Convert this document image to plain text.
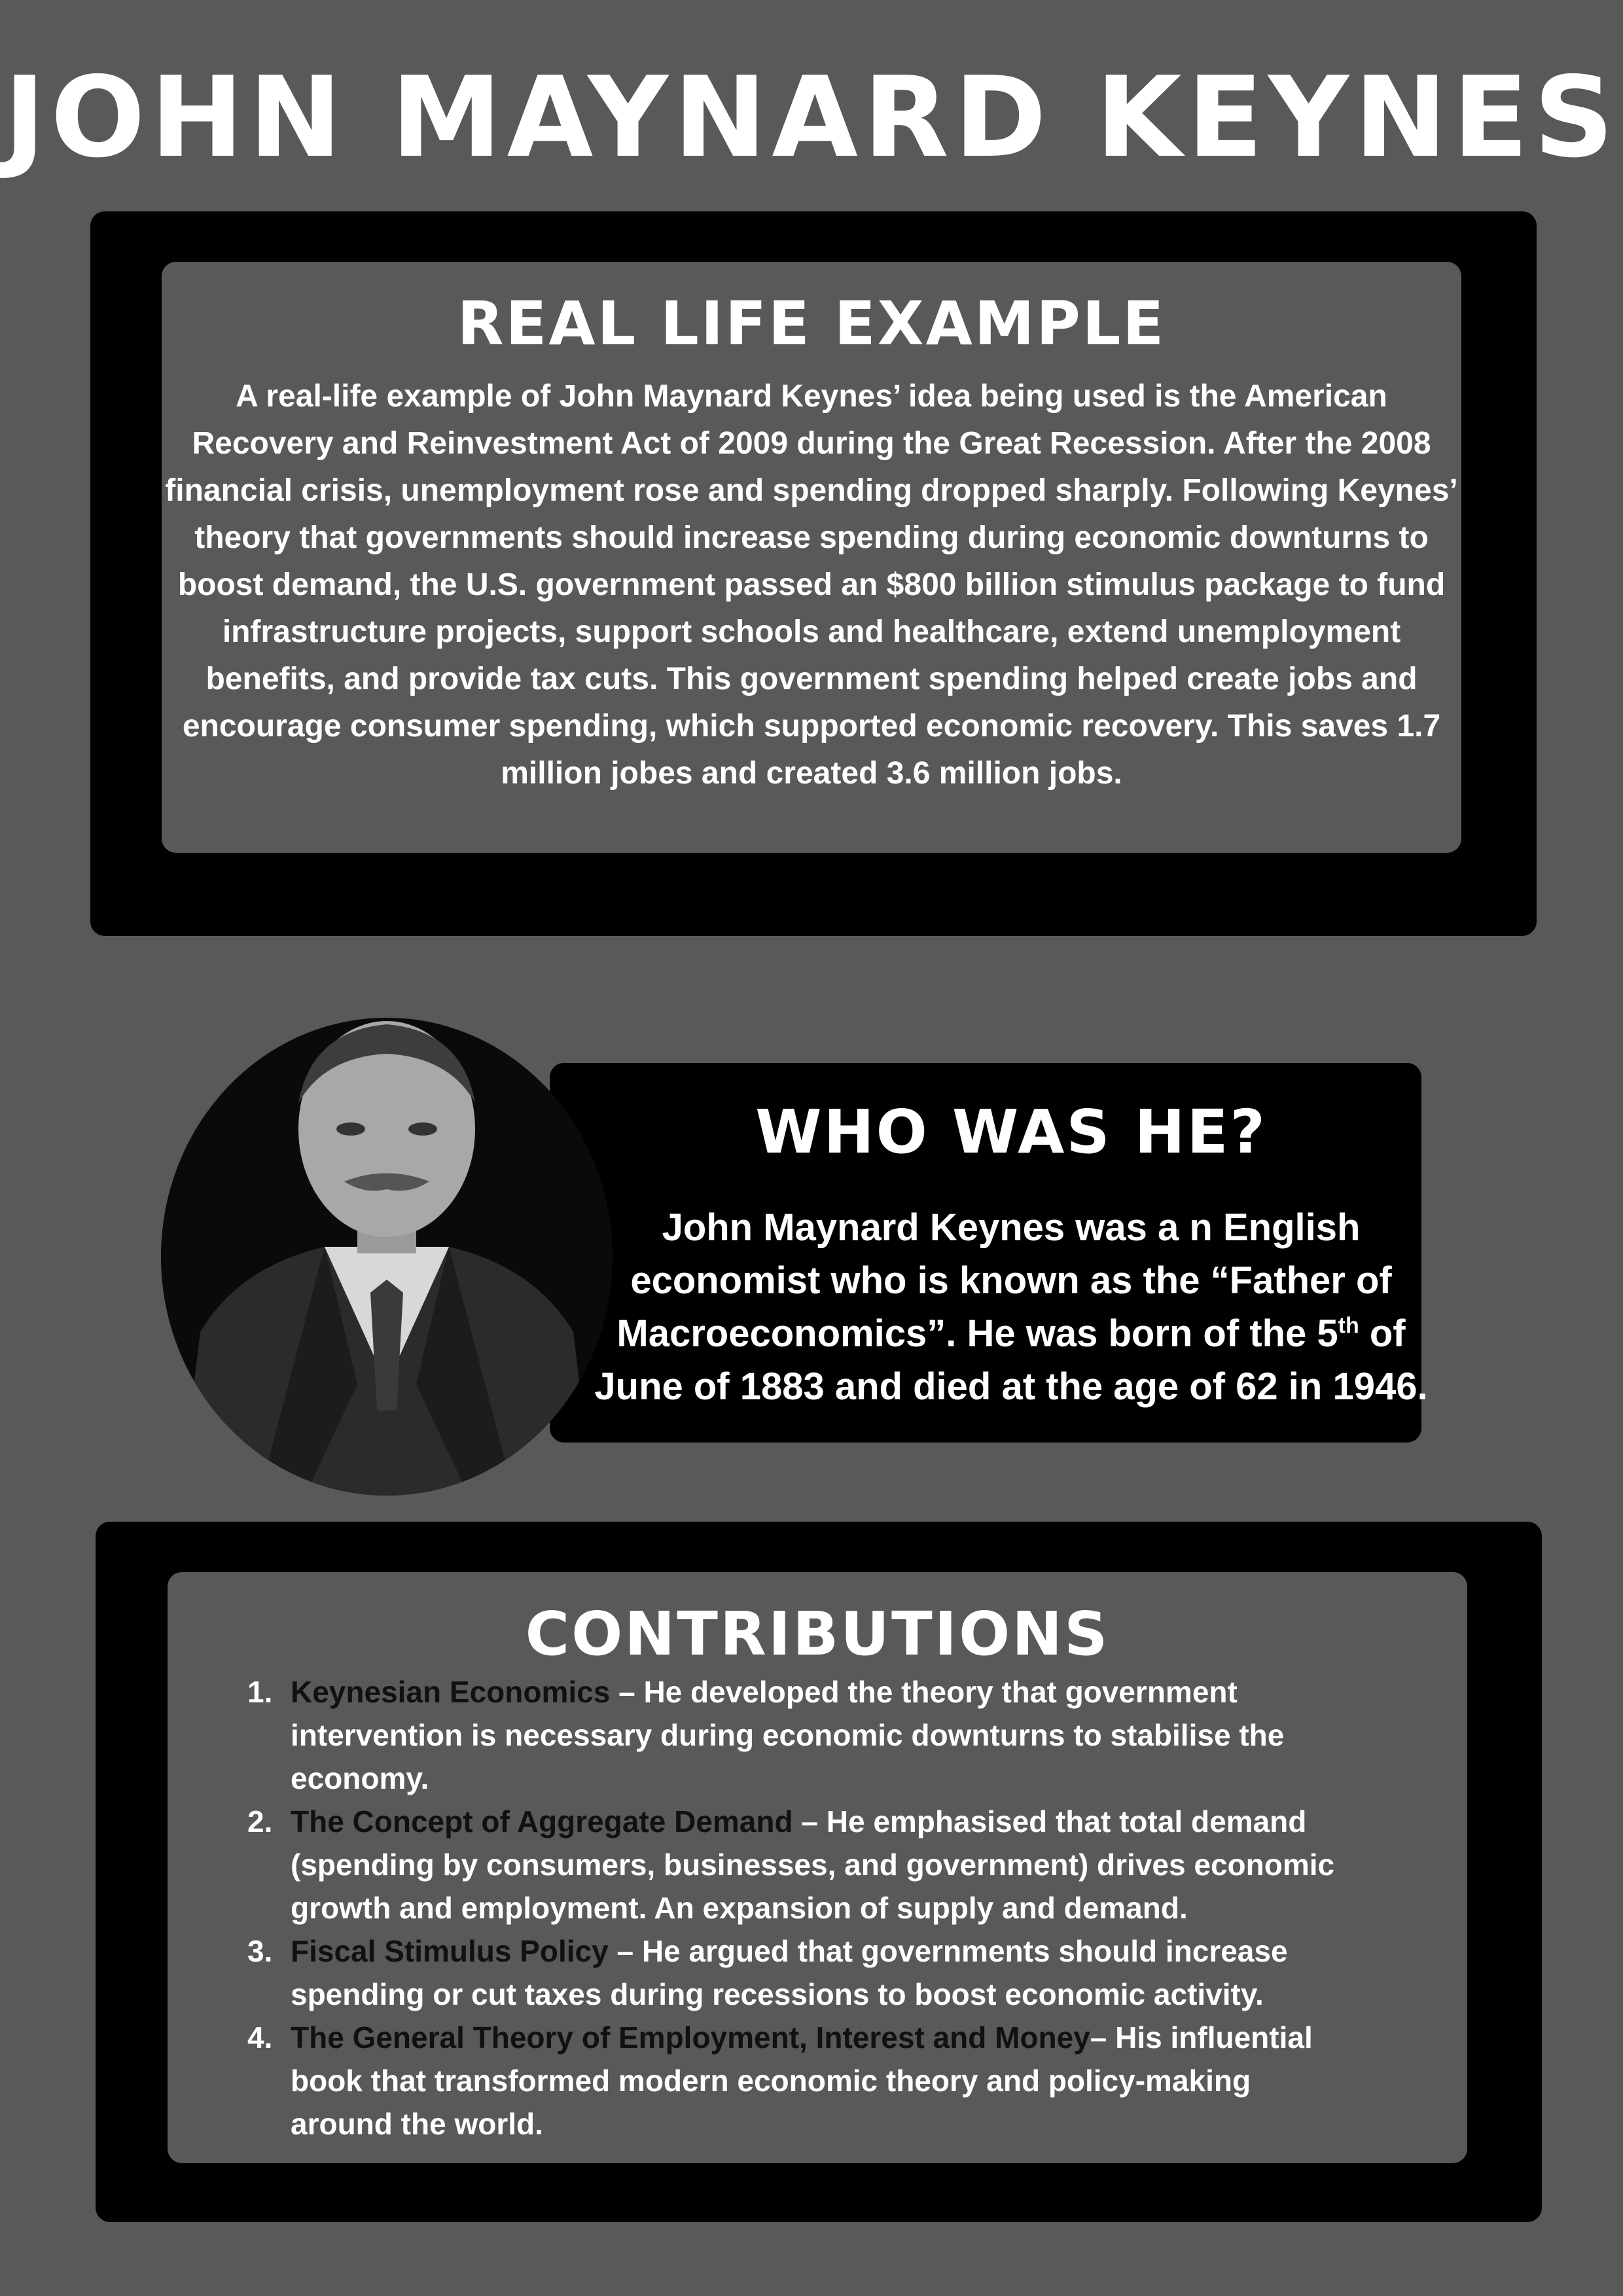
JOHN MAYNARD KEYNES
REAL LIFE EXAMPLE
A real-life example of John Maynard Keynes’ idea being used is the American Recovery and Reinvestment Act of 2009 during the Great Recession. After the 2008 financial crisis, unemployment rose and spending dropped sharply. Following Keynes’ theory that governments should increase spending during economic downturns to boost demand, the U.S. government passed an $800 billion stimulus package to fund infrastructure projects, support schools and healthcare, extend unemployment benefits, and provide tax cuts. This government spending helped create jobs and encourage consumer spending, which supported economic recovery. This saves 1.7 million jobes and created 3.6 million jobs.
WHO WAS HE?
John Maynard Keynes was a n English economist who is known as the “Father of Macroeconomics”. He was born of the 5th of June of 1883 and died at the age of 62 in 1946.
CONTRIBUTIONS
1. Keynesian Economics – He developed the theory that government intervention is necessary during economic downturns to stabilise the economy.
2. The Concept of Aggregate Demand – He emphasised that total demand (spending by consumers, businesses, and government) drives economic growth and employment. An expansion of supply and demand.
3. Fiscal Stimulus Policy – He argued that governments should increase spending or cut taxes during recessions to boost economic activity.
4. The General Theory of Employment, Interest and Money– His influential book that transformed modern economic theory and policy-making around the world.
